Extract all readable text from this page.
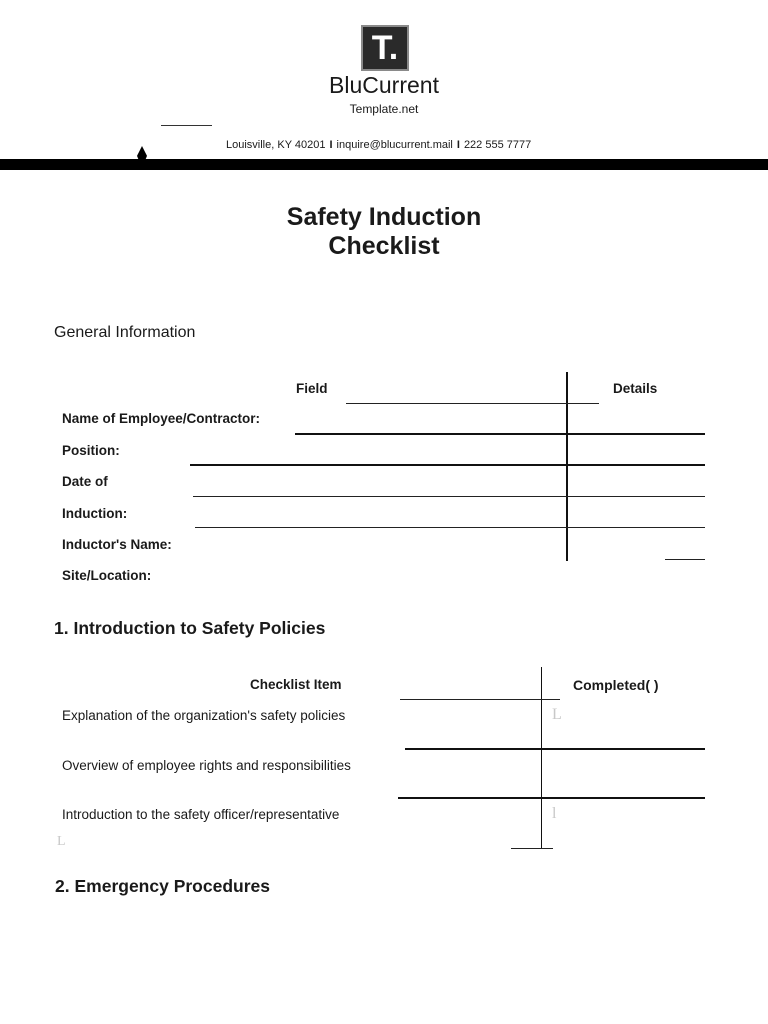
T.
BluCurrent
Template.net
Louisville, KY 40201 I inquire@blucurrent.mail I 222 555 7777
Safety Induction
Checklist
General Information
Field	Details
Name of Employee/Contractor:
Position:
Date of
Induction:
Inductor's Name:
Site/Location:
1. Introduction to Safety Policies
Checklist Item	Completed( )
Explanation of the organization's safety policies
Overview of employee rights and responsibilities
Introduction to the safety officer/representative
L
l
L
2. Emergency Procedures
